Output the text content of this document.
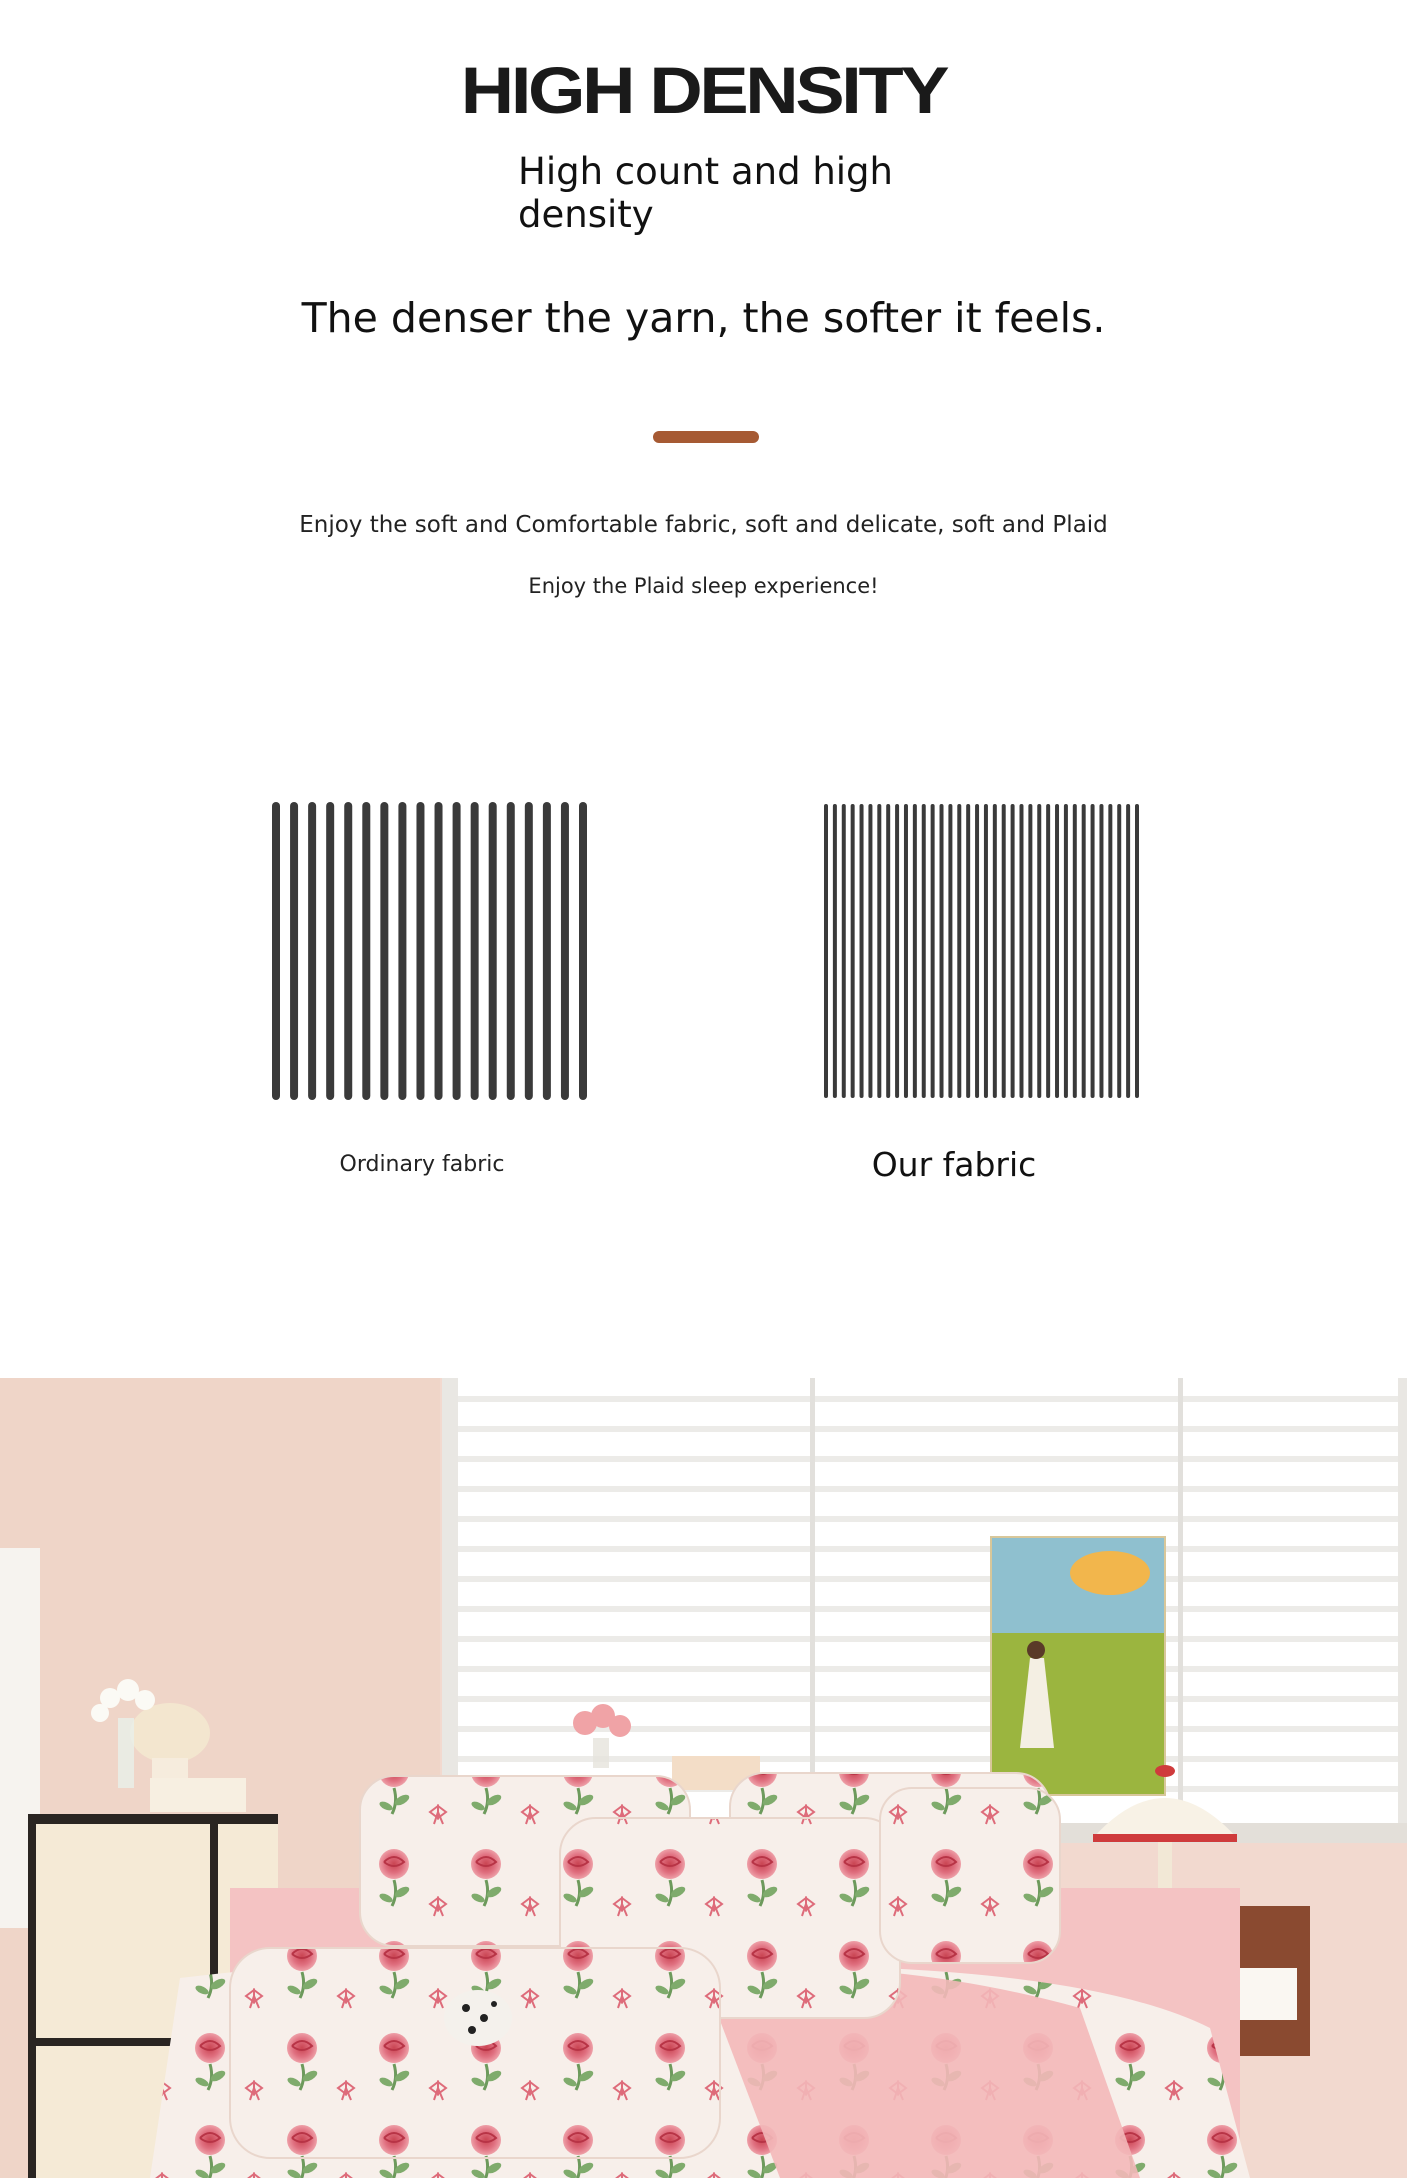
HIGH DENSITY
High count and high density
The denser the yarn, the softer it feels.
Enjoy the soft and Comfortable fabric, soft and delicate, soft and Plaid
Enjoy the Plaid sleep experience!
Ordinary fabric	Our fabric
